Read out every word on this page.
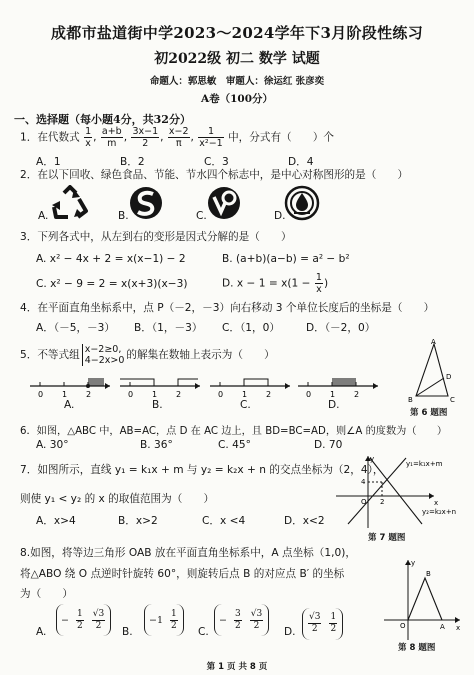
成都市盐道街中学2023～2024学年下3月阶段性练习
初2022级 初二 数学 试题
命题人：郭思敏　审题人：徐运红 张彦奕
A卷（100分）
一、选择题（每小题4分，共32分）
1．在代数式 $\frac{1}{x}$ , $\frac{a+b}{m}$ , $\frac{3x-1}{2}$ , $\frac{x-2}{\pi}$ , $\frac{1}{\text{x²−1}}$ 中，分式有（　　）个
A．1	B．2	C．3	D．4
2．在以下回收、绿色食品、节能、节水四个标志中，是中心对称图形的是（　　）
A.	B.	C.	D.
3．下列各式中，从左到右的变形是因式分解的是（　　）
A. x² − 4x + 2 = x(x−1) − 2	B. (a+b)(a−b) = a² − b²
C. x² − 9 = 2 = x(x+3)(x−3)	D. $x - 1 = x(1 - \frac{1}{x}$ )
4．在平面直角坐标系中，点 P（－2，－3）向右移动 3 个单位长度后的坐标是（　　）
A．（－5，－3） B．（1，－3） C．（1，0） D．（－2，0）
5．不等式组 x−2≥0,
4−2x>0 的解集在数轴上表示为（　　）
0 1 2	0 1 2	0 1 2	0 1 2
A.	B.	C.	D.
A
D
B	C
第 6 题图
6．如图，△ABC 中，AB=AC，点 D 在 AC 边上，且 BD=BC=AD，则∠A 的度数为（　　）
A. 30°	B. 36°	C. 45°	D. 70
7．如图所示，直线 y₁ = k₁x + m 与 y₂ = k₂x + n 的交点坐标为（2，4），
则使 y₁ < y₂ 的 x 的取值范围为（　　）
A．x>4	B．x>2	C．x <4	D．x<2
y₁=k₁x+m
y₂=k₂x+n
y
x
O
4
2
第 7 题图
8.如图，将等边三角形 OAB 放在平面直角坐标系中，A 点坐标（1,0)，
将△ABO 绕 O 点逆时针旋转 60°，则旋转后点 B 的对应点 B′ 的坐标
为（　　）
A.
− $\frac{1}{2} \frac{√3}{2}$
B.
$-1 \frac{1}{2}$
C.
− $\frac{3}{2} \frac{√3}{2}$
D. $\frac{√3}{2} \frac{1}{2}$
y
B
O	A x
第 8 题图
第 1 页 共 8 页
